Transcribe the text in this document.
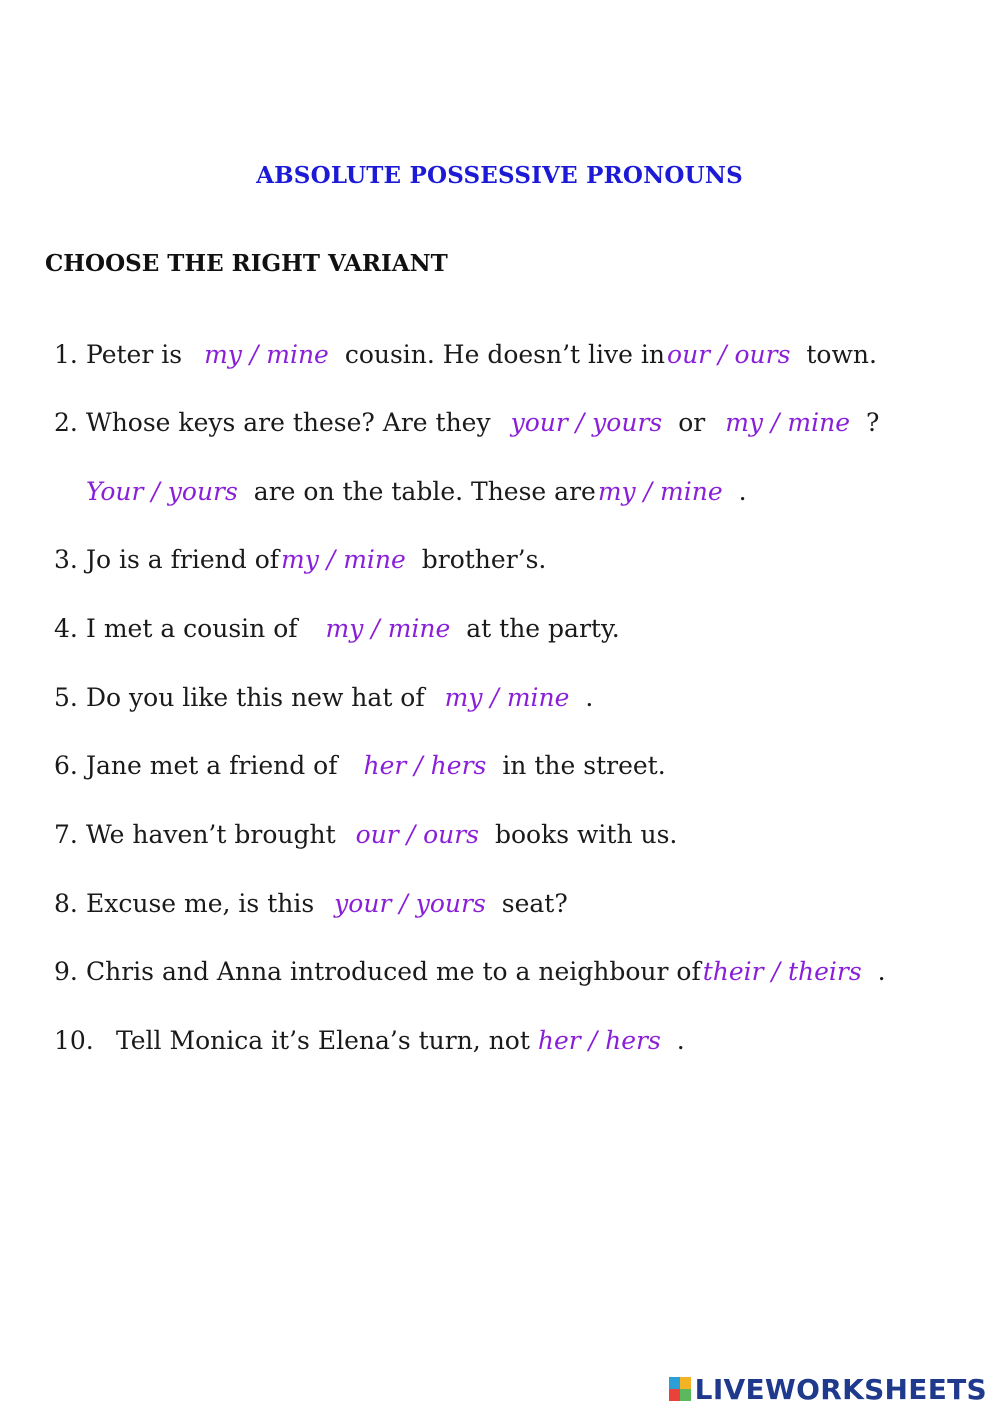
ABSOLUTE POSSESSIVE PRONOUNS
CHOOSE THE RIGHT VARIANT
1. Peter is my / mine cousin. He doesn’t live inour / ours town.
2. Whose keys are these? Are they your / yours or my / mine ?
Your / yours are on the table. These aremy / mine .
3. Jo is a friend ofmy / mine brother’s.
4. I met a cousin of my / mine at the party.
5. Do you like this new hat of my / mine .
6. Jane met a friend of her / hers in the street.
7. We haven’t brought our / ours books with us.
8. Excuse me, is this your / yours seat?
9. Chris and Anna introduced me to a neighbour oftheir / theirs .
10. Tell Monica it’s Elena’s turn, not her / hers .
LIVEWORKSHEETS
